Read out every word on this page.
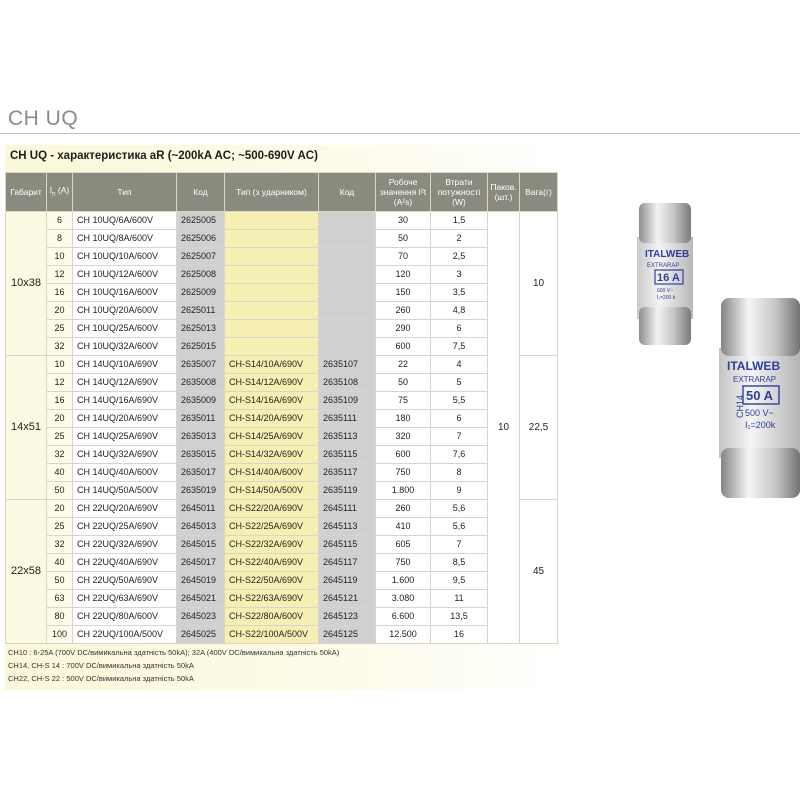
CH UQ
CH UQ - характеристика aR (~200kA AC; ~500-690V AC)
Габарит	$I_n$ (A)	Тип	Код	Тип (з ударником)	Код	Робоче
значення I²t
(A²s)	Втрати
потужності
(W)	Паков.
(шт.)	Вага(г)
10x38	6	CH 10UQ/6A/600V	2625005			30	1,5	10	10
	8	CH 10UQ/8A/600V	2625006			50	2		
	10	CH 10UQ/10A/600V	2625007			70	2,5		
	12	CH 10UQ/12A/600V	2625008			120	3		
	16	CH 10UQ/16A/600V	2625009			150	3,5		
	20	CH 10UQ/20A/600V	2625011			260	4,8		
	25	CH 10UQ/25A/600V	2625013			290	6		
	32	CH 10UQ/32A/600V	2625015			600	7,5		
14x51	10	CH 14UQ/10A/690V	2635007	CH-S14/10A/690V	2635107	22	4		22,5
	12	CH 14UQ/12A/690V	2635008	CH-S14/12A/690V	2635108	50	5		
	16	CH 14UQ/16A/690V	2635009	CH-S14/16A/690V	2635109	75	5,5		
	20	CH 14UQ/20A/690V	2635011	CH-S14/20A/690V	2635111	180	6		
	25	CH 14UQ/25A/690V	2635013	CH-S14/25A/690V	2635113	320	7		
	32	CH 14UQ/32A/690V	2635015	CH-S14/32A/690V	2635115	600	7,6		
	40	CH 14UQ/40A/600V	2635017	CH-S14/40A/600V	2635117	750	8		
	50	CH 14UQ/50A/500V	2635019	CH-S14/50A/500V	2635119	1.800	9		
22x58	20	CH 22UQ/20A/690V	2645011	CH-S22/20A/690V	2645111	260	5,6		45
	25	CH 22UQ/25A/690V	2645013	CH-S22/25A/690V	2645113	410	5,6		
	32	CH 22UQ/32A/690V	2645015	CH-S22/32A/690V	2645115	605	7		
	40	CH 22UQ/40A/690V	2645017	CH-S22/40A/690V	2645117	750	8,5		
	50	CH 22UQ/50A/690V	2645019	CH-S22/50A/690V	2645119	1.600	9,5		
	63	CH 22UQ/63A/690V	2645021	CH-S22/63A/690V	2645121	3.080	11		
	80	CH 22UQ/80A/600V	2645023	CH-S22/80A/600V	2645123	6.600	13,5		
	100	CH 22UQ/100A/500V	2645025	CH-S22/100A/500V	2645125	12.500	16		
CH10 : 6-25A (700V DC/вимикальна здатність 50kA); 32A (400V DC/вимикальна здатність 50kA)
CH14, CH-S 14 : 700V DC/вимикальна здатність 50kA
CH22, CH-S 22 : 500V DC/вимикальна здатність 50kA
ITALWEB
EXTRARAP
16 A
600 V~
I₁=200 k
ITALWEB
EXTRARAP
50 A
500 V~
I₁=200k
CH14
